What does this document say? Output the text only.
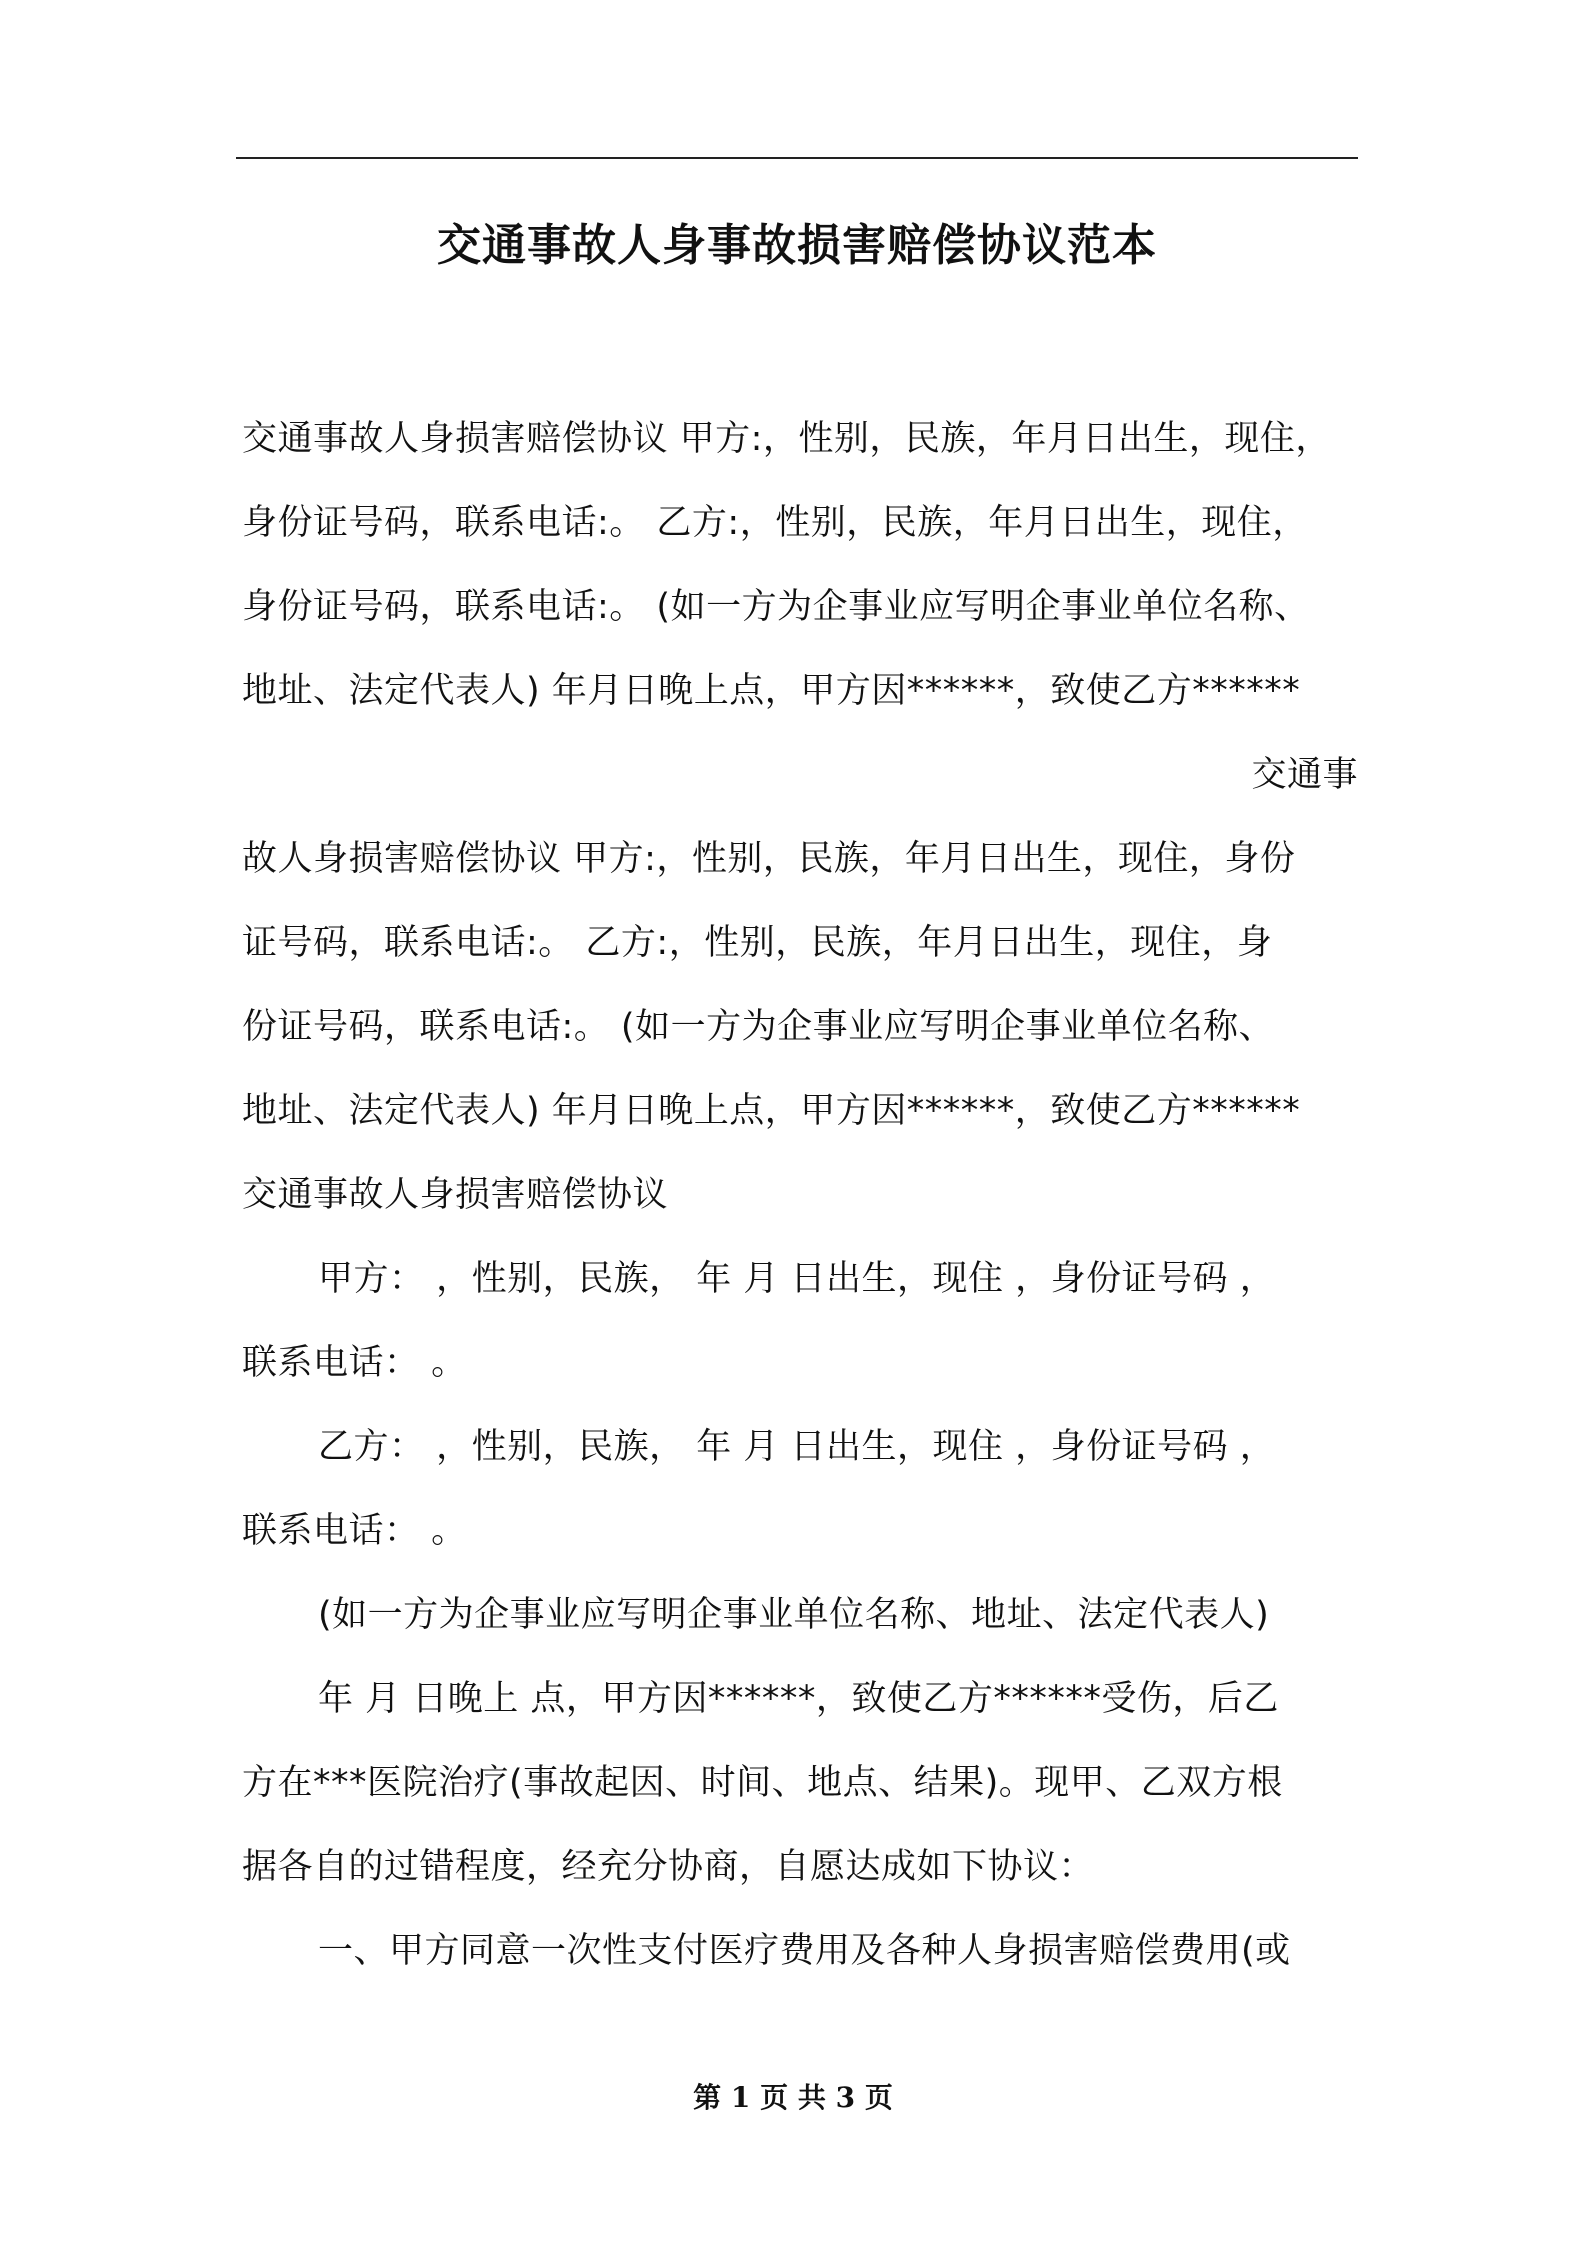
交通事故人身事故损害赔偿协议范本
交通事故人身损害赔偿协议 甲方:，性别，民族，年月日出生，现住，
身份证号码，联系电话:。 乙方:，性别，民族，年月日出生，现住，
身份证号码，联系电话:。 (如一方为企事业应写明企事业单位名称、
地址、法定代表人) 年月日晚上点，甲方因******，致使乙方******
交通事
故人身损害赔偿协议 甲方:，性别，民族，年月日出生，现住，身份
证号码，联系电话:。 乙方:，性别，民族，年月日出生，现住，身
份证号码，联系电话:。 (如一方为企事业应写明企事业单位名称、
地址、法定代表人) 年月日晚上点，甲方因******，致使乙方******
交通事故人身损害赔偿协议
甲方： ，性别，民族， 年 月 日出生，现住 ，身份证号码 ，
联系电话： 。
乙方： ，性别，民族， 年 月 日出生，现住 ，身份证号码 ，
联系电话： 。
(如一方为企事业应写明企事业单位名称、地址、法定代表人)
年 月 日晚上 点，甲方因******，致使乙方******受伤，后乙
方在***医院治疗(事故起因、时间、地点、结果)。现甲、乙双方根
据各自的过错程度，经充分协商，自愿达成如下协议：
一、甲方同意一次性支付医疗费用及各种人身损害赔偿费用(或
第 1 页 共 3 页
